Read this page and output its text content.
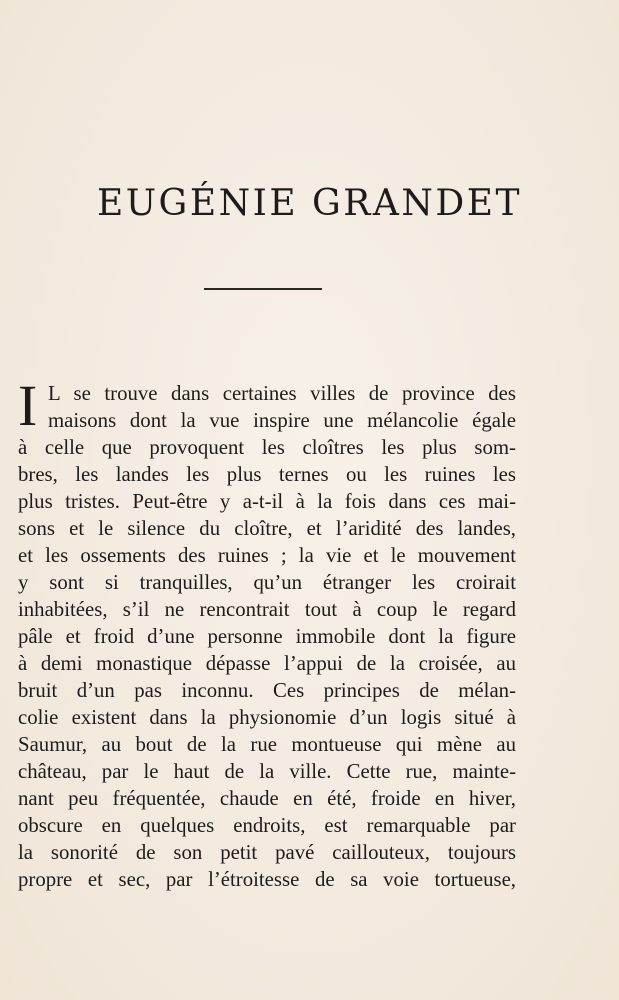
EUGÉNIE GRANDET
I L se trouve dans certaines villes de province des
maisons dont la vue inspire une mélancolie égale
à celle que provoquent les cloîtres les plus som-
bres, les landes les plus ternes ou les ruines les
plus tristes. Peut-être y a-t-il à la fois dans ces mai-
sons et le silence du cloître, et l’aridité des landes,
et les ossements des ruines ; la vie et le mouvement
y sont si tranquilles, qu’un étranger les croirait
inhabitées, s’il ne rencontrait tout à coup le regard
pâle et froid d’une personne immobile dont la figure
à demi monastique dépasse l’appui de la croisée, au
bruit d’un pas inconnu. Ces principes de mélan-
colie existent dans la physionomie d’un logis situé à
Saumur, au bout de la rue montueuse qui mène au
château, par le haut de la ville. Cette rue, mainte-
nant peu fréquentée, chaude en été, froide en hiver,
obscure en quelques endroits, est remarquable par
la sonorité de son petit pavé caillouteux, toujours
propre et sec, par l’étroitesse de sa voie tortueuse,
